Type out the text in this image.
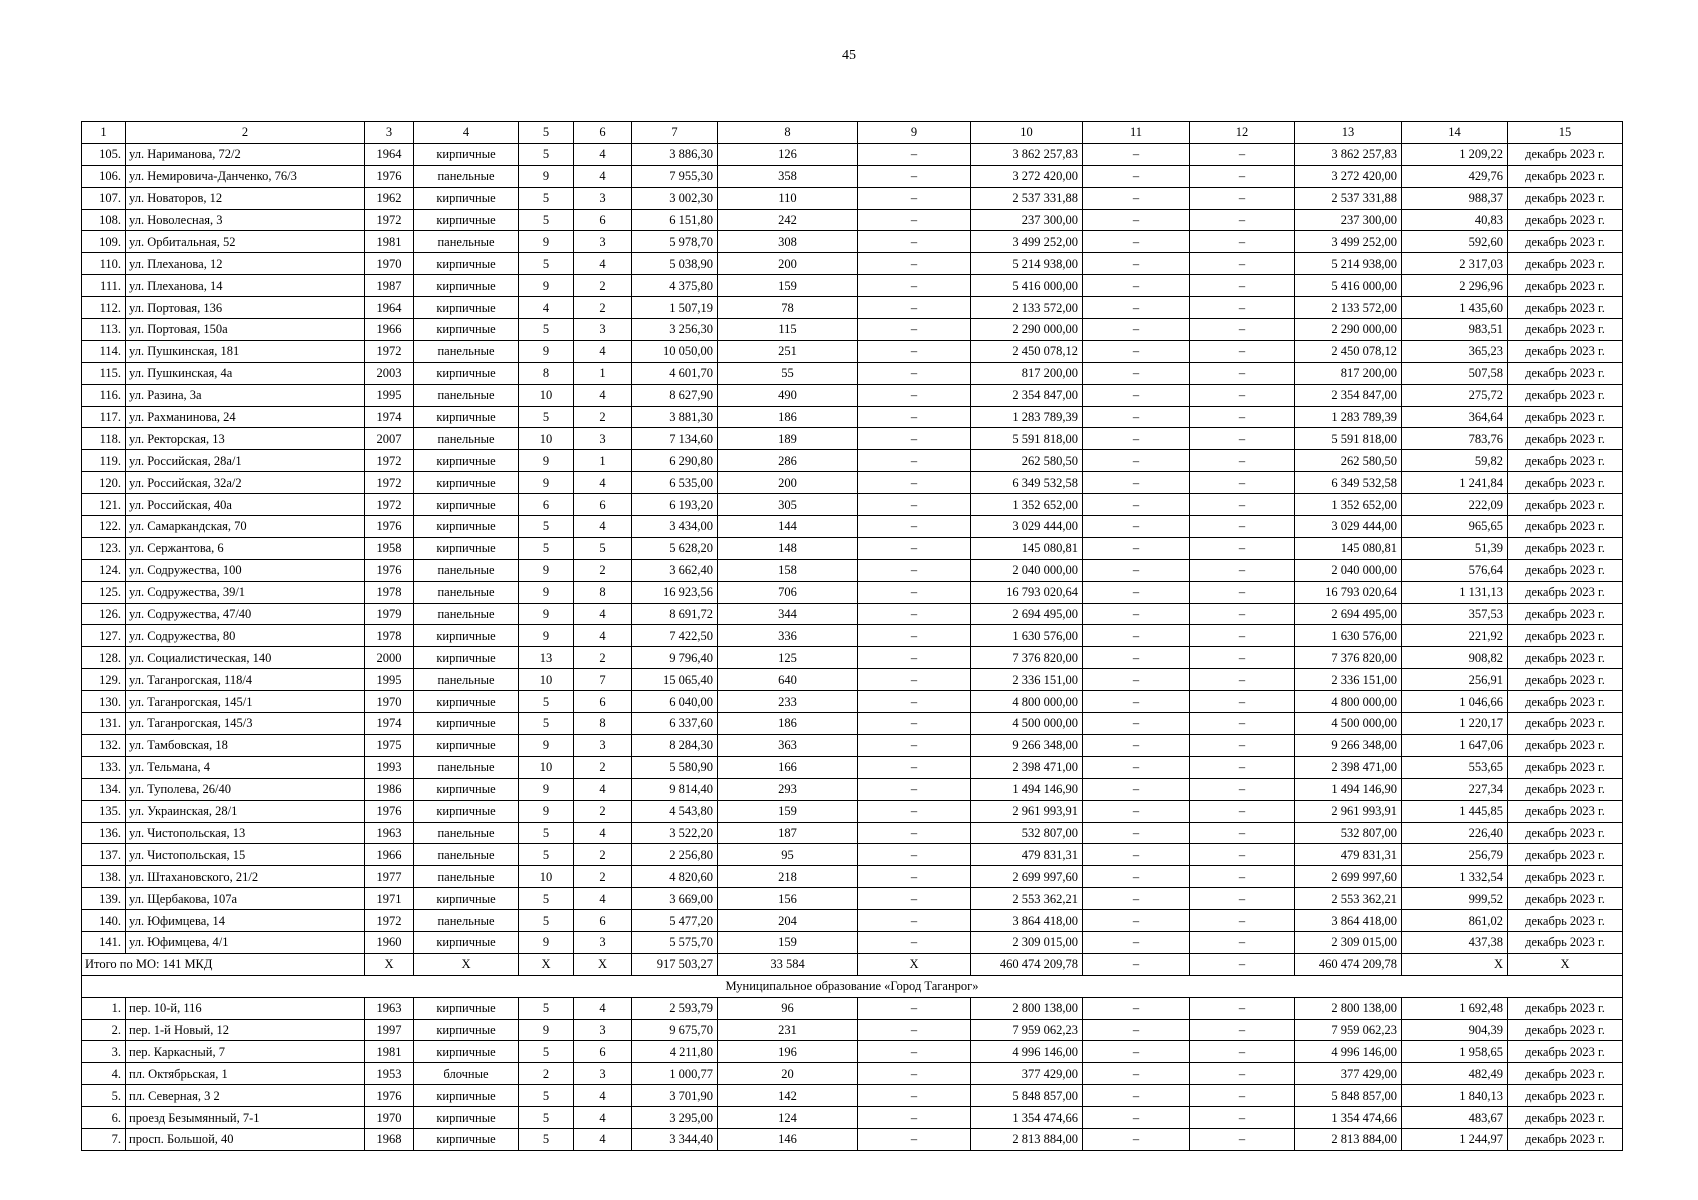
45
1	2	3	4	5	6	7	8	9	10	11	12	13	14	15
105.	ул. Нариманова, 72/2	1964	кирпичные	5	4	3 886,30	126	–	3 862 257,83	–	–	3 862 257,83	1 209,22	декабрь 2023 г.
106.	ул. Немировича-Данченко, 76/3	1976	панельные	9	4	7 955,30	358	–	3 272 420,00	–	–	3 272 420,00	429,76	декабрь 2023 г.
107.	ул. Новаторов, 12	1962	кирпичные	5	3	3 002,30	110	–	2 537 331,88	–	–	2 537 331,88	988,37	декабрь 2023 г.
108.	ул. Новолесная, 3	1972	кирпичные	5	6	6 151,80	242	–	237 300,00	–	–	237 300,00	40,83	декабрь 2023 г.
109.	ул. Орбитальная, 52	1981	панельные	9	3	5 978,70	308	–	3 499 252,00	–	–	3 499 252,00	592,60	декабрь 2023 г.
110.	ул. Плеханова, 12	1970	кирпичные	5	4	5 038,90	200	–	5 214 938,00	–	–	5 214 938,00	2 317,03	декабрь 2023 г.
111.	ул. Плеханова, 14	1987	кирпичные	9	2	4 375,80	159	–	5 416 000,00	–	–	5 416 000,00	2 296,96	декабрь 2023 г.
112.	ул. Портовая, 136	1964	кирпичные	4	2	1 507,19	78	–	2 133 572,00	–	–	2 133 572,00	1 435,60	декабрь 2023 г.
113.	ул. Портовая, 150а	1966	кирпичные	5	3	3 256,30	115	–	2 290 000,00	–	–	2 290 000,00	983,51	декабрь 2023 г.
114.	ул. Пушкинская, 181	1972	панельные	9	4	10 050,00	251	–	2 450 078,12	–	–	2 450 078,12	365,23	декабрь 2023 г.
115.	ул. Пушкинская, 4а	2003	кирпичные	8	1	4 601,70	55	–	817 200,00	–	–	817 200,00	507,58	декабрь 2023 г.
116.	ул. Разина, 3а	1995	панельные	10	4	8 627,90	490	–	2 354 847,00	–	–	2 354 847,00	275,72	декабрь 2023 г.
117.	ул. Рахманинова, 24	1974	кирпичные	5	2	3 881,30	186	–	1 283 789,39	–	–	1 283 789,39	364,64	декабрь 2023 г.
118.	ул. Ректорская, 13	2007	панельные	10	3	7 134,60	189	–	5 591 818,00	–	–	5 591 818,00	783,76	декабрь 2023 г.
119.	ул. Российская, 28а/1	1972	кирпичные	9	1	6 290,80	286	–	262 580,50	–	–	262 580,50	59,82	декабрь 2023 г.
120.	ул. Российская, 32а/2	1972	кирпичные	9	4	6 535,00	200	–	6 349 532,58	–	–	6 349 532,58	1 241,84	декабрь 2023 г.
121.	ул. Российская, 40а	1972	кирпичные	6	6	6 193,20	305	–	1 352 652,00	–	–	1 352 652,00	222,09	декабрь 2023 г.
122.	ул. Самаркандская, 70	1976	кирпичные	5	4	3 434,00	144	–	3 029 444,00	–	–	3 029 444,00	965,65	декабрь 2023 г.
123.	ул. Сержантова, 6	1958	кирпичные	5	5	5 628,20	148	–	145 080,81	–	–	145 080,81	51,39	декабрь 2023 г.
124.	ул. Содружества, 100	1976	панельные	9	2	3 662,40	158	–	2 040 000,00	–	–	2 040 000,00	576,64	декабрь 2023 г.
125.	ул. Содружества, 39/1	1978	панельные	9	8	16 923,56	706	–	16 793 020,64	–	–	16 793 020,64	1 131,13	декабрь 2023 г.
126.	ул. Содружества, 47/40	1979	панельные	9	4	8 691,72	344	–	2 694 495,00	–	–	2 694 495,00	357,53	декабрь 2023 г.
127.	ул. Содружества, 80	1978	кирпичные	9	4	7 422,50	336	–	1 630 576,00	–	–	1 630 576,00	221,92	декабрь 2023 г.
128.	ул. Социалистическая, 140	2000	кирпичные	13	2	9 796,40	125	–	7 376 820,00	–	–	7 376 820,00	908,82	декабрь 2023 г.
129.	ул. Таганрогская, 118/4	1995	панельные	10	7	15 065,40	640	–	2 336 151,00	–	–	2 336 151,00	256,91	декабрь 2023 г.
130.	ул. Таганрогская, 145/1	1970	кирпичные	5	6	6 040,00	233	–	4 800 000,00	–	–	4 800 000,00	1 046,66	декабрь 2023 г.
131.	ул. Таганрогская, 145/3	1974	кирпичные	5	8	6 337,60	186	–	4 500 000,00	–	–	4 500 000,00	1 220,17	декабрь 2023 г.
132.	ул. Тамбовская, 18	1975	кирпичные	9	3	8 284,30	363	–	9 266 348,00	–	–	9 266 348,00	1 647,06	декабрь 2023 г.
133.	ул. Тельмана, 4	1993	панельные	10	2	5 580,90	166	–	2 398 471,00	–	–	2 398 471,00	553,65	декабрь 2023 г.
134.	ул. Туполева, 26/40	1986	кирпичные	9	4	9 814,40	293	–	1 494 146,90	–	–	1 494 146,90	227,34	декабрь 2023 г.
135.	ул. Украинская, 28/1	1976	кирпичные	9	2	4 543,80	159	–	2 961 993,91	–	–	2 961 993,91	1 445,85	декабрь 2023 г.
136.	ул. Чистопольская, 13	1963	панельные	5	4	3 522,20	187	–	532 807,00	–	–	532 807,00	226,40	декабрь 2023 г.
137.	ул. Чистопольская, 15	1966	панельные	5	2	2 256,80	95	–	479 831,31	–	–	479 831,31	256,79	декабрь 2023 г.
138.	ул. Штахановского, 21/2	1977	панельные	10	2	4 820,60	218	–	2 699 997,60	–	–	2 699 997,60	1 332,54	декабрь 2023 г.
139.	ул. Щербакова, 107а	1971	кирпичные	5	4	3 669,00	156	–	2 553 362,21	–	–	2 553 362,21	999,52	декабрь 2023 г.
140.	ул. Юфимцева, 14	1972	панельные	5	6	5 477,20	204	–	3 864 418,00	–	–	3 864 418,00	861,02	декабрь 2023 г.
141.	ул. Юфимцева, 4/1	1960	кирпичные	9	3	5 575,70	159	–	2 309 015,00	–	–	2 309 015,00	437,38	декабрь 2023 г.
Итого по МО: 141 МКД		X	X	X	X	917 503,27	33 584	X	460 474 209,78	–	–	460 474 209,78	X	X
Муниципальное образование «Город Таганрог»														
1.	пер. 10-й, 116	1963	кирпичные	5	4	2 593,79	96	–	2 800 138,00	–	–	2 800 138,00	1 692,48	декабрь 2023 г.
2.	пер. 1-й Новый, 12	1997	кирпичные	9	3	9 675,70	231	–	7 959 062,23	–	–	7 959 062,23	904,39	декабрь 2023 г.
3.	пер. Каркасный, 7	1981	кирпичные	5	6	4 211,80	196	–	4 996 146,00	–	–	4 996 146,00	1 958,65	декабрь 2023 г.
4.	пл. Октябрьская, 1	1953	блочные	2	3	1 000,77	20	–	377 429,00	–	–	377 429,00	482,49	декабрь 2023 г.
5.	пл. Северная, 3 2	1976	кирпичные	5	4	3 701,90	142	–	5 848 857,00	–	–	5 848 857,00	1 840,13	декабрь 2023 г.
6.	проезд Безымянный, 7-1	1970	кирпичные	5	4	3 295,00	124	–	1 354 474,66	–	–	1 354 474,66	483,67	декабрь 2023 г.
7.	просп. Большой, 40	1968	кирпичные	5	4	3 344,40	146	–	2 813 884,00	–	–	2 813 884,00	1 244,97	декабрь 2023 г.
